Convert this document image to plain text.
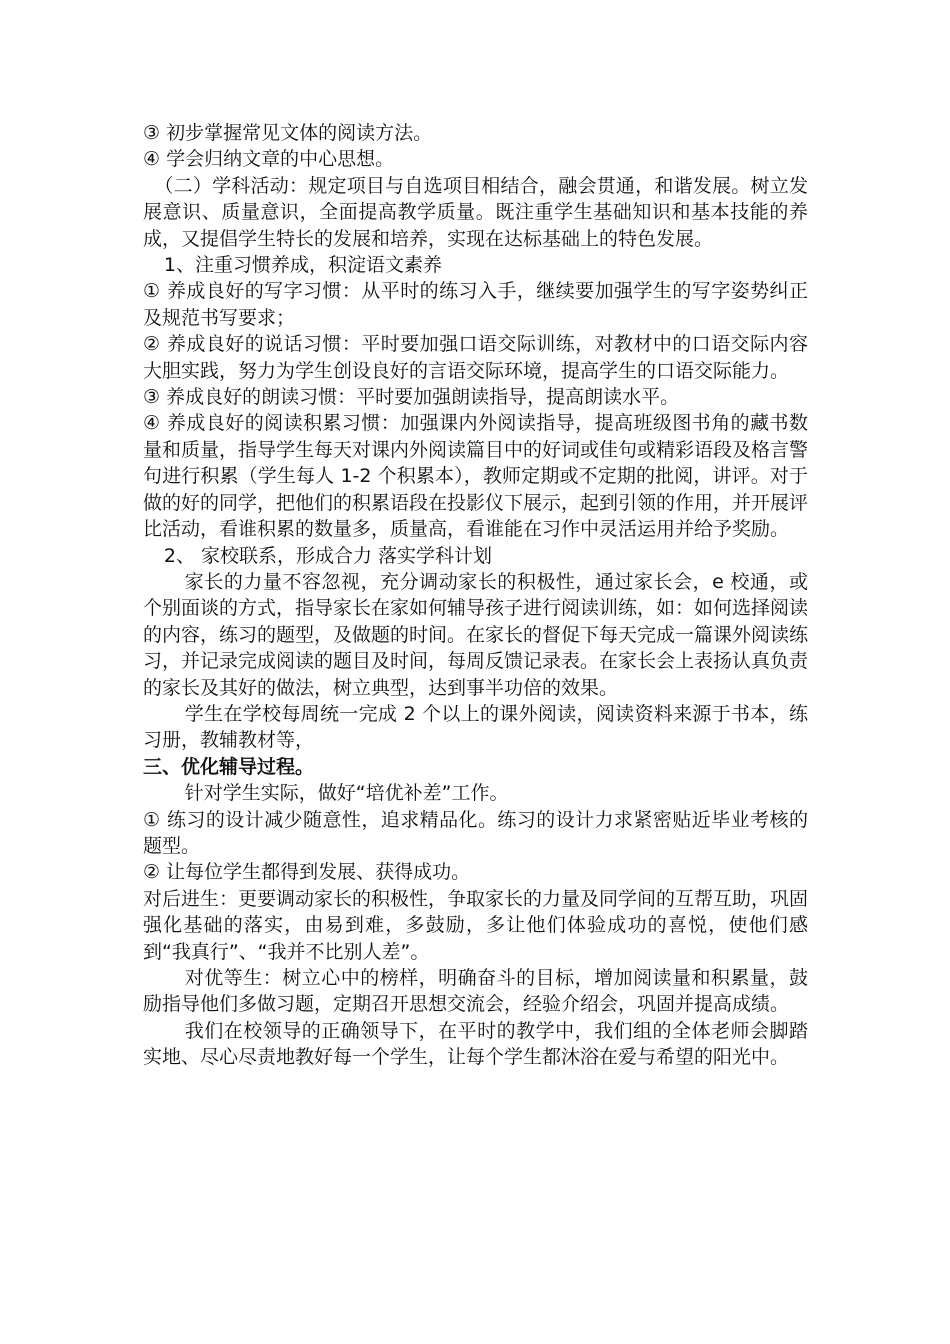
③ 初步掌握常见文体的阅读方法。

④ 学会归纳文章的中心思想。

（二）学科活动：规定项目与自选项目相结合，融会贯通，和谐发展。树立发展意识、质量意识，全面提高教学质量。既注重学生基础知识和基本技能的养成，又提倡学生特长的发展和培养，实现在达标基础上的特色发展。

1、注重习惯养成，积淀语文素养

① 养成良好的写字习惯：从平时的练习入手，继续要加强学生的写字姿势纠正及规范书写要求；

② 养成良好的说话习惯：平时要加强口语交际训练，对教材中的口语交际内容大胆实践，努力为学生创设良好的言语交际环境，提高学生的口语交际能力。

③ 养成良好的朗读习惯：平时要加强朗读指导，提高朗读水平。

④ 养成良好的阅读积累习惯：加强课内外阅读指导，提高班级图书角的藏书数量和质量，指导学生每天对课内外阅读篇目中的好词或佳句或精彩语段及格言警句进行积累（学生每人 1-2 个积累本），教师定期或不定期的批阅，讲评。对于做的好的同学，把他们的积累语段在投影仪下展示，起到引领的作用，并开展评比活动，看谁积累的数量多，质量高，看谁能在习作中灵活运用并给予奖励。

2、 家校联系，形成合力 落实学科计划

家长的力量不容忽视，充分调动家长的积极性，通过家长会，e 校通，或个别面谈的方式，指导家长在家如何辅导孩子进行阅读训练，如：如何选择阅读的内容，练习的题型，及做题的时间。在家长的督促下每天完成一篇课外阅读练习，并记录完成阅读的题目及时间，每周反馈记录表。在家长会上表扬认真负责的家长及其好的做法，树立典型，达到事半功倍的效果。

学生在学校每周统一完成 2 个以上的课外阅读，阅读资料来源于书本，练习册，教辅教材等，

三、优化辅导过程。

针对学生实际，做好“培优补差”工作。

① 练习的设计减少随意性，追求精品化。练习的设计力求紧密贴近毕业考核的题型。

② 让每位学生都得到发展、获得成功。

对后进生：更要调动家长的积极性，争取家长的力量及同学间的互帮互助，巩固强化基础的落实，由易到难，多鼓励，多让他们体验成功的喜悦，使他们感到“我真行”、“我并不比别人差”。

对优等生：树立心中的榜样，明确奋斗的目标，增加阅读量和积累量，鼓励指导他们多做习题，定期召开思想交流会，经验介绍会，巩固并提高成绩。

我们在校领导的正确领导下，在平时的教学中，我们组的全体老师会脚踏实地、尽心尽责地教好每一个学生，让每个学生都沐浴在爱与希望的阳光中。
